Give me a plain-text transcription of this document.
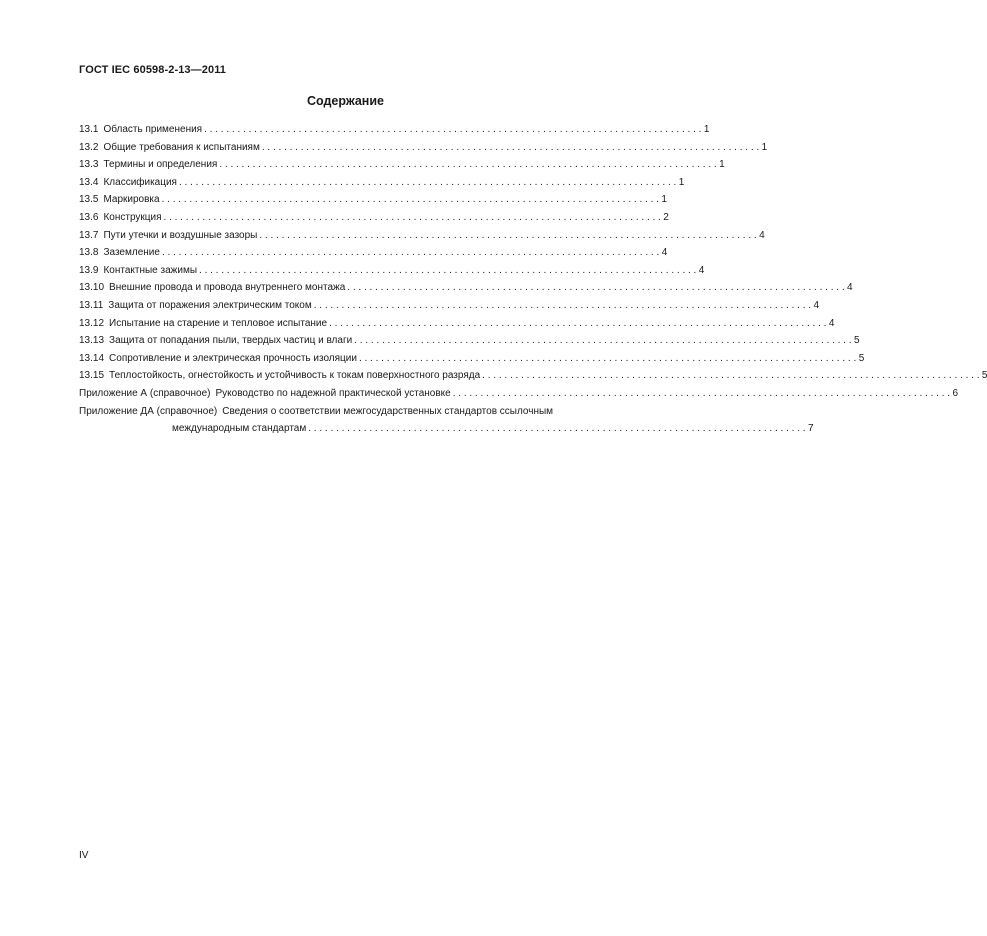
ГОСТ IEC 60598-2-13—2011
Содержание
13.1 Область применения . . .	1
13.2 Общие требования к испытаниям . . .	1
13.3 Термины и определения . . .	1
13.4 Классификация . . .	1
13.5 Маркировка . . .	1
13.6 Конструкция . . .	2
13.7 Пути утечки и воздушные зазоры . . .	4
13.8 Заземление . . .	4
13.9 Контактные зажимы . . .	4
13.10 Внешние провода и провода внутреннего монтажа . . .	4
13.11 Защита от поражения электрическим током . . .	4
13.12 Испытание на старение и тепловое испытание . . .	4
13.13 Защита от попадания пыли, твердых частиц и влаги . . .	5
13.14 Сопротивление и электрическая прочность изоляции . . .	5
13.15 Теплостойкость, огнестойкость и устойчивость к токам поверхностного разряда . . .	5
Приложение А (справочное) Руководство по надежной практической установке . . .	6
Приложение ДА (справочное) Сведения о соответствии межгосударственных стандартов ссылочным
международным стандартам . . .	7
IV
